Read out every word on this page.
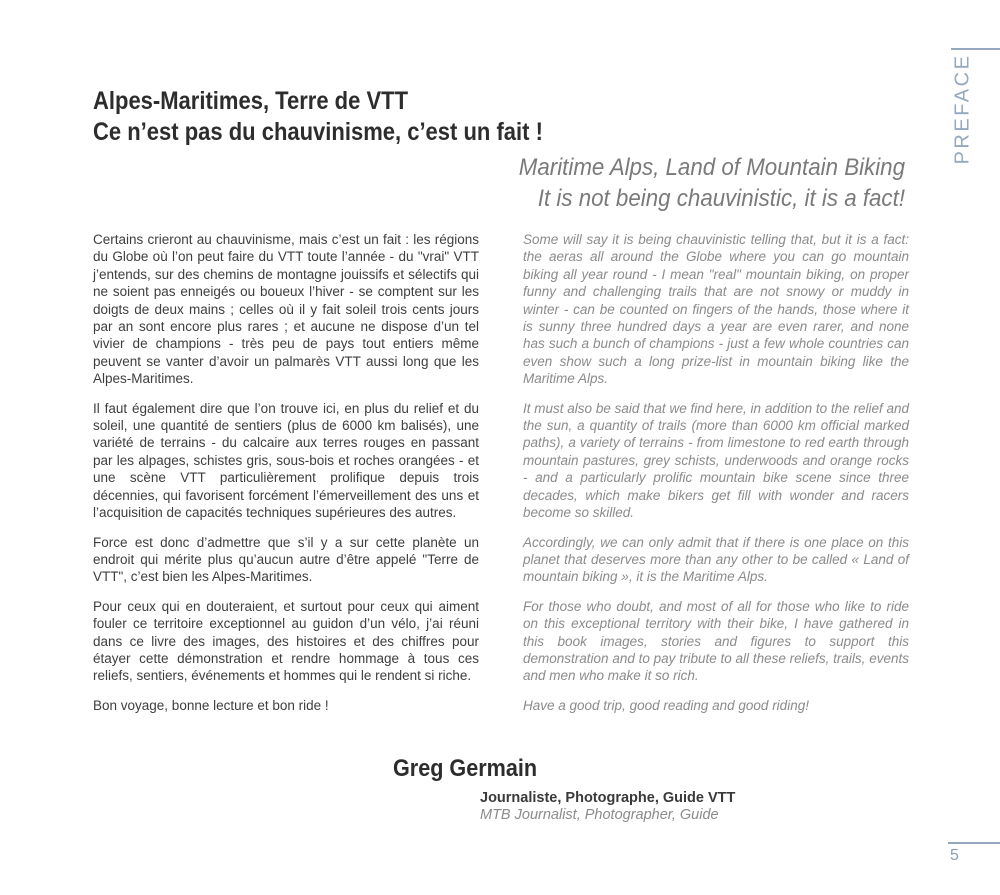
PREFACE
Alpes-Maritimes, Terre de VTT
Ce n’est pas du chauvinisme, c’est un fait !
Maritime Alps, Land of Mountain Biking
It is not being chauvinistic, it is a fact!

Certains crieront au chauvinisme, mais c’est un fait : les régions du Globe où l’on peut faire du VTT toute l’année - du "vrai" VTT j’entends, sur des chemins de montagne jouissifs et sélectifs qui ne soient pas enneigés ou boueux l’hiver - se comptent sur les doigts de deux mains ; celles où il y fait soleil trois cents jours par an sont encore plus rares ; et aucune ne dispose d’un tel vivier de champions - très peu de pays tout entiers même peuvent se vanter d’avoir un palmarès VTT aussi long que les Alpes-Maritimes.

Il faut également dire que l’on trouve ici, en plus du relief et du soleil, une quantité de sentiers (plus de 6000 km balisés), une variété de terrains - du calcaire aux terres rouges en passant par les alpages, schistes gris, sous-bois et roches orangées - et une scène VTT particulièrement prolifique depuis trois décennies, qui favorisent forcément l’émerveillement des uns et l’acquisition de capacités techniques supérieures des autres.

Force est donc d’admettre que s’il y a sur cette planète un endroit qui mérite plus qu’aucun autre d’être appelé "Terre de VTT", c’est bien les Alpes-Maritimes.

Pour ceux qui en douteraient, et surtout pour ceux qui aiment fouler ce territoire exceptionnel au guidon d’un vélo, j’ai réuni dans ce livre des images, des histoires et des chiffres pour étayer cette démonstration et rendre hommage à tous ces reliefs, sentiers, événements et hommes qui le rendent si riche.

Bon voyage, bonne lecture et bon ride !

Some will say it is being chauvinistic telling that, but it is a fact: the aeras all around the Globe where you can go mountain biking all year round - I mean "real" mountain biking, on proper funny and challenging trails that are not snowy or muddy in winter - can be counted on fingers of the hands, those where it is sunny three hundred days a year are even rarer, and none has such a bunch of champions - just a few whole countries can even show such a long prize-list in mountain biking like the Maritime Alps.

It must also be said that we find here, in addition to the relief and the sun, a quantity of trails (more than 6000 km official marked paths), a variety of terrains - from limestone to red earth through mountain pastures, grey schists, underwoods and orange rocks - and a particularly prolific mountain bike scene since three decades, which make bikers get fill with wonder and racers become so skilled.

Accordingly, we can only admit that if there is one place on this planet that deserves more than any other to be called « Land of mountain biking », it is the Maritime Alps.

For those who doubt, and most of all for those who like to ride on this exceptional territory with their bike, I have gathered in this book images, stories and figures to support this demonstration and to pay tribute to all these reliefs, trails, events and men who make it so rich.

Have a good trip, good reading and good riding!

Greg Germain
Journaliste, Photographe, Guide VTT
MTB Journalist, Photographer, Guide
5
